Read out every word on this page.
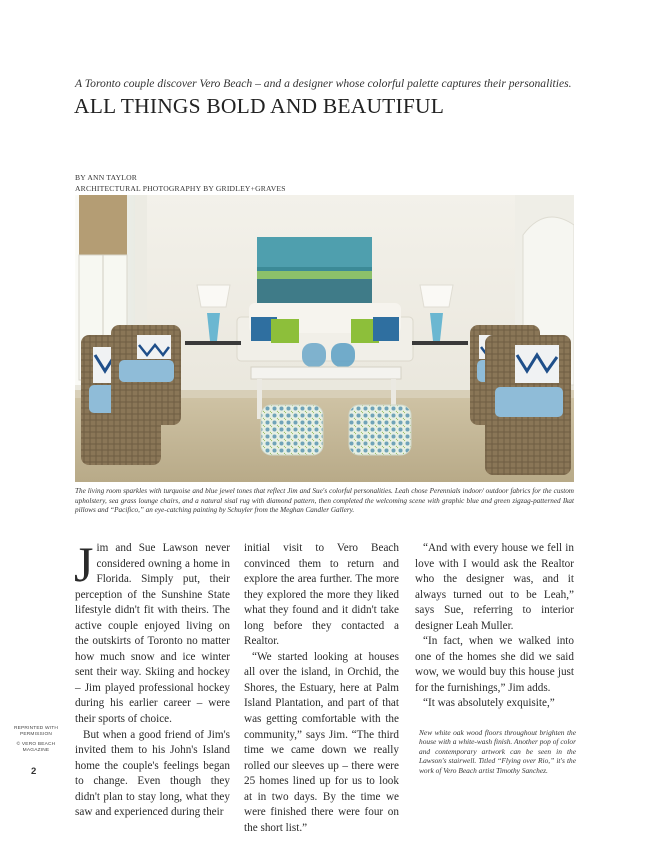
A Toronto couple discover Vero Beach – and a designer whose colorful palette captures their personalities.
ALL THINGS BOLD AND BEAUTIFUL
BY ANN TAYLOR
ARCHITECTURAL PHOTOGRAPHY BY GRIDLEY+GRAVES
The living room sparkles with turquoise and blue jewel tones that reflect Jim and Sue's colorful personalities. Leah chose Perennials indoor/ outdoor fabrics for the custom upholstery, sea grass lounge chairs, and a natural sisal rug with diamond pattern, then completed the welcoming scene with graphic blue and green zigzag-patterned Ikat pillows and “Pacifico,” an eye-catching painting by Schuyler from the Meghan Candler Gallery.

Jim and Sue Lawson never considered owning a home in Florida. Simply put, their perception of the Sunshine State lifestyle didn't fit with theirs. The active couple enjoyed living on the outskirts of Toronto no matter how much snow and ice winter sent their way. Skiing and hockey – Jim played professional hockey during his earlier career – were their sports of choice.

But when a good friend of Jim's invited them to his John's Island home the couple's feelings began to change. Even though they didn't plan to stay long, what they saw and experienced during their

initial visit to Vero Beach convinced them to return and explore the area further. The more they explored the more they liked what they found and it didn't take long before they contacted a Realtor.

“We started looking at houses all over the island, in Orchid, the Shores, the Estuary, here at Palm Island Plantation, and part of that was getting comfortable with the community,” says Jim. “The third time we came down we really rolled our sleeves up – there were 25 homes lined up for us to look at in two days. By the time we were finished there were four on the short list.”

“And with every house we fell in love with I would ask the Realtor who the designer was, and it always turned out to be Leah,” says Sue, referring to interior designer Leah Muller.

“In fact, when we walked into one of the homes she did we said wow, we would buy this house just for the furnishings,” Jim adds.

“It was absolutely exquisite,”

New white oak wood floors throughout brighten the house with a white-wash finish. Another pop of color and contemporary artwork can be seen in the Lawson's stairwell. Titled “Flying over Rio,” it's the work of Vero Beach artist Timothy Sanchez.
REPRINTED WITH PERMISSION
© VERO BEACH MAGAZINE
2
